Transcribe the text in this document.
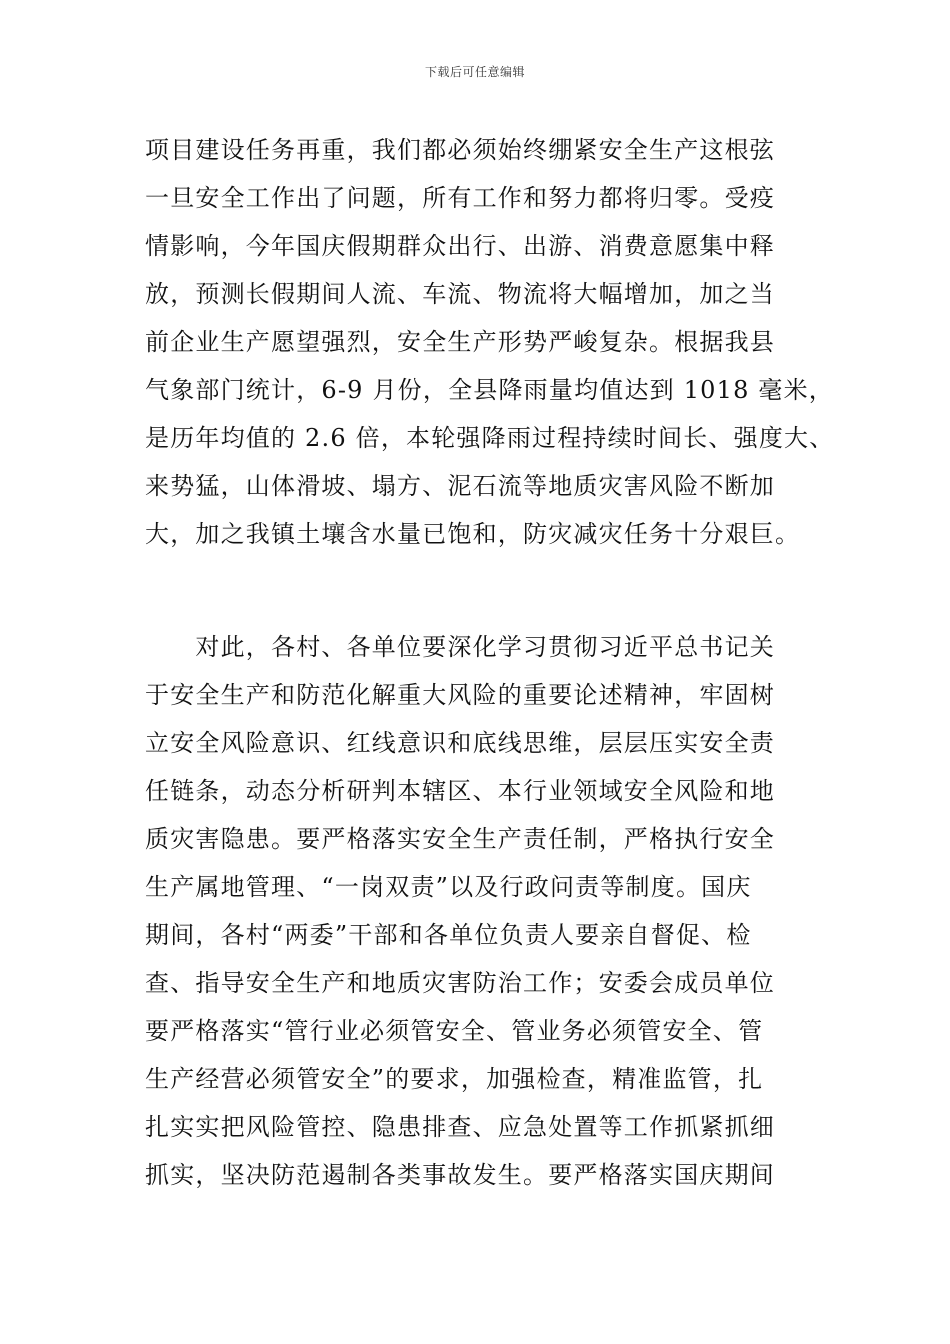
下载后可任意编辑
项目建设任务再重，我们都必须始终绷紧安全生产这根弦
一旦安全工作出了问题，所有工作和努力都将归零。受疫
情影响，今年国庆假期群众出行、出游、消费意愿集中释
放，预测长假期间人流、车流、物流将大幅增加，加之当
前企业生产愿望强烈，安全生产形势严峻复杂。根据我县
气象部门统计，6-9 月份，全县降雨量均值达到 1018 毫米，
是历年均值的 2.6 倍，本轮强降雨过程持续时间长、强度大、
来势猛，山体滑坡、塌方、泥石流等地质灾害风险不断加
大，加之我镇土壤含水量已饱和，防灾减灾任务十分艰巨。
　　对此，各村、各单位要深化学习贯彻习近平总书记关
于安全生产和防范化解重大风险的重要论述精神，牢固树
立安全风险意识、红线意识和底线思维，层层压实安全责
任链条，动态分析研判本辖区、本行业领域安全风险和地
质灾害隐患。要严格落实安全生产责任制，严格执行安全
生产属地管理、“一岗双责”以及行政问责等制度。国庆
期间，各村“两委”干部和各单位负责人要亲自督促、检
查、指导安全生产和地质灾害防治工作；安委会成员单位
要严格落实“管行业必须管安全、管业务必须管安全、管
生产经营必须管安全”的要求，加强检查，精准监管，扎
扎实实把风险管控、隐患排查、应急处置等工作抓紧抓细
抓实，坚决防范遏制各类事故发生。要严格落实国庆期间
